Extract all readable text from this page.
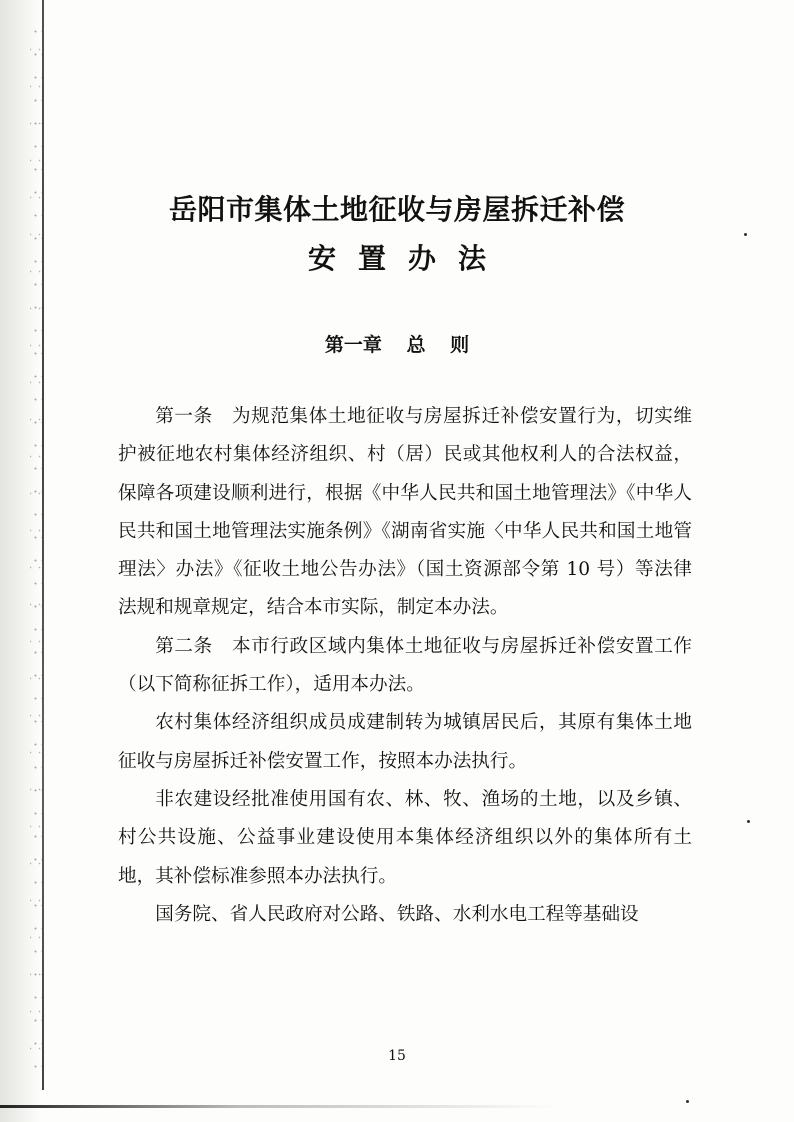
岳阳市集体土地征收与房屋拆迁补偿
安置办法
第一章 总 则

第一条　为规范集体土地征收与房屋拆迁补偿安置行为，切实维护被征地农村集体经济组织、村（居）民或其他权利人的合法权益，保障各项建设顺利进行，根据《中华人民共和国土地管理法》《中华人民共和国土地管理法实施条例》《湖南省实施〈中华人民共和国土地管理法〉办法》《征收土地公告办法》（国土资源部令第 10 号）等法律法规和规章规定，结合本市实际，制定本办法。

第二条　本市行政区域内集体土地征收与房屋拆迁补偿安置工作（以下简称征拆工作），适用本办法。

农村集体经济组织成员成建制转为城镇居民后，其原有集体土地征收与房屋拆迁补偿安置工作，按照本办法执行。

非农建设经批准使用国有农、林、牧、渔场的土地，以及乡镇、村公共设施、公益事业建设使用本集体经济组织以外的集体所有土地，其补偿标准参照本办法执行。

国务院、省人民政府对公路、铁路、水利水电工程等基础设

15
